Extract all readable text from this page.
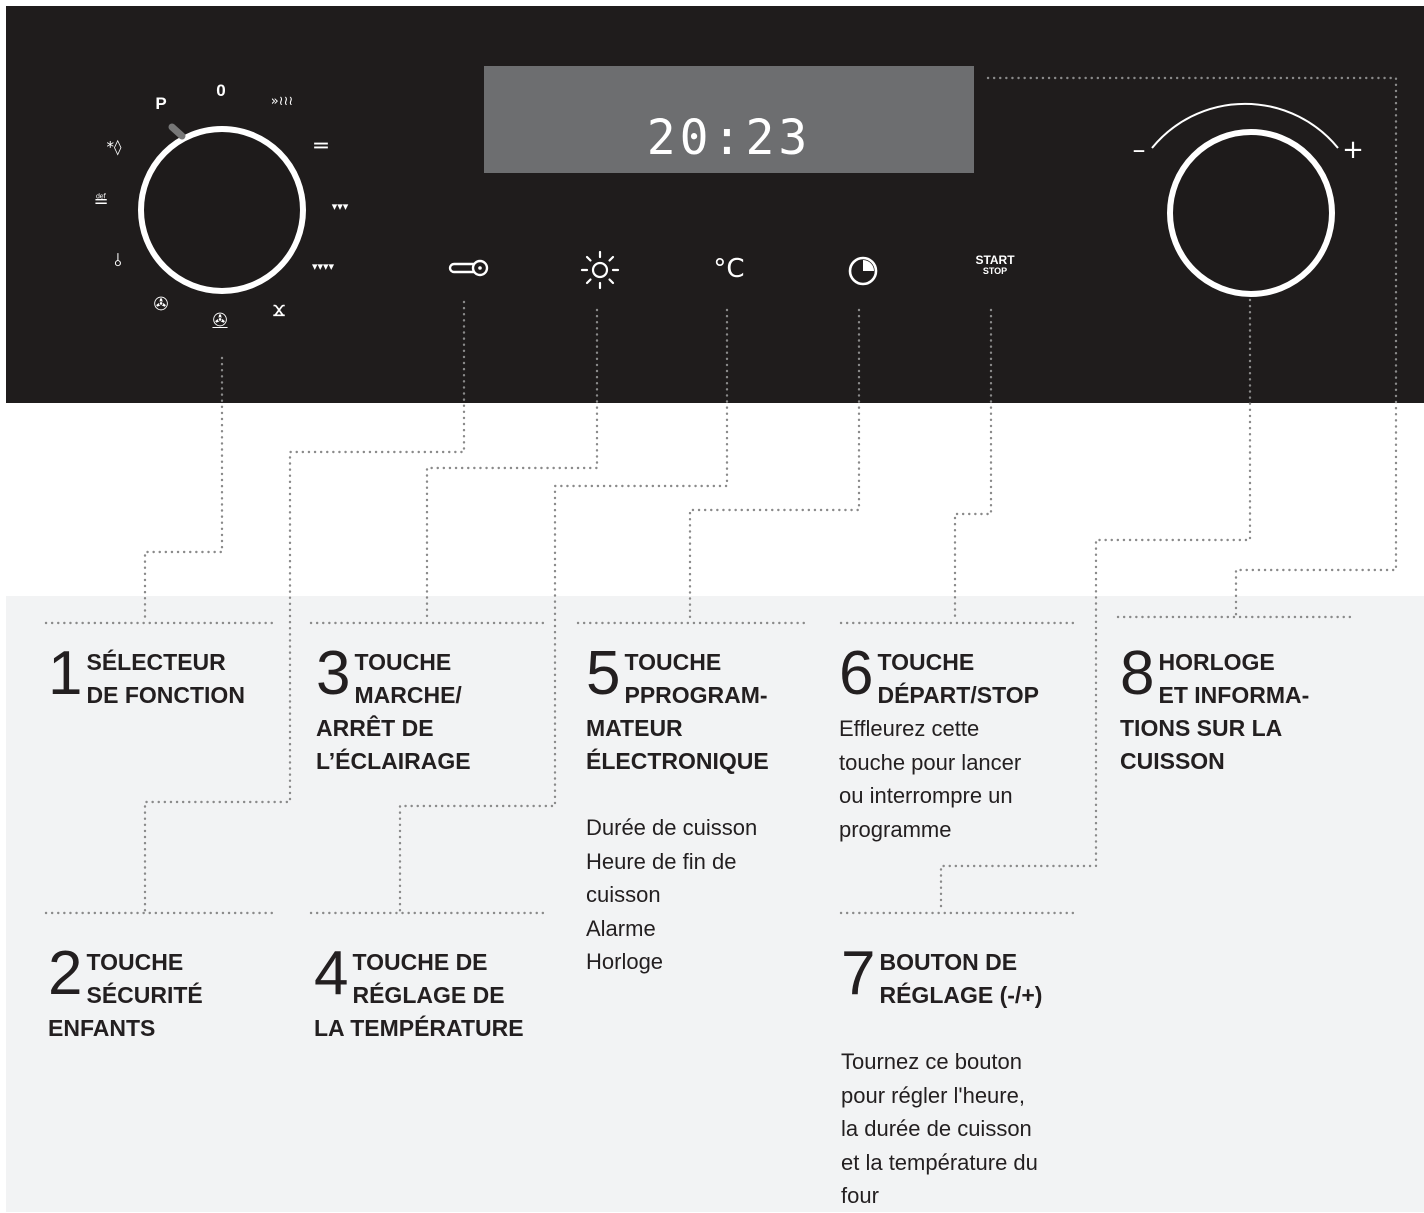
20:23
P
0
*◊
»≀≀≀
═
▾▾▾
≝
▾▾▾▾
⫰
ϫ
✇
✇
°C	START
STOP
–	+
1 SÉLECTEUR
DE FONCTION
2 TOUCHE
SÉCURITÉ
ENFANTS
3 TOUCHE
MARCHE/
ARRÊT DE
L’ÉCLAIRAGE
4 TOUCHE DE
RÉGLAGE DE
LA TEMPÉRATURE
5 TOUCHE
PPROGRAM-
MATEUR
ÉLECTRONIQUE
Durée de cuisson
Heure de fin de
cuisson
Alarme
Horloge
6 TOUCHE
DÉPART/STOP
Effleurez cette
touche pour lancer
ou interrompre un
programme
7 BOUTON DE
RÉGLAGE (-/+)
Tournez ce bouton
pour régler l'heure,
la durée de cuisson
et la température du
four
8 HORLOGE
ET INFORMA-
TIONS SUR LA
CUISSON
